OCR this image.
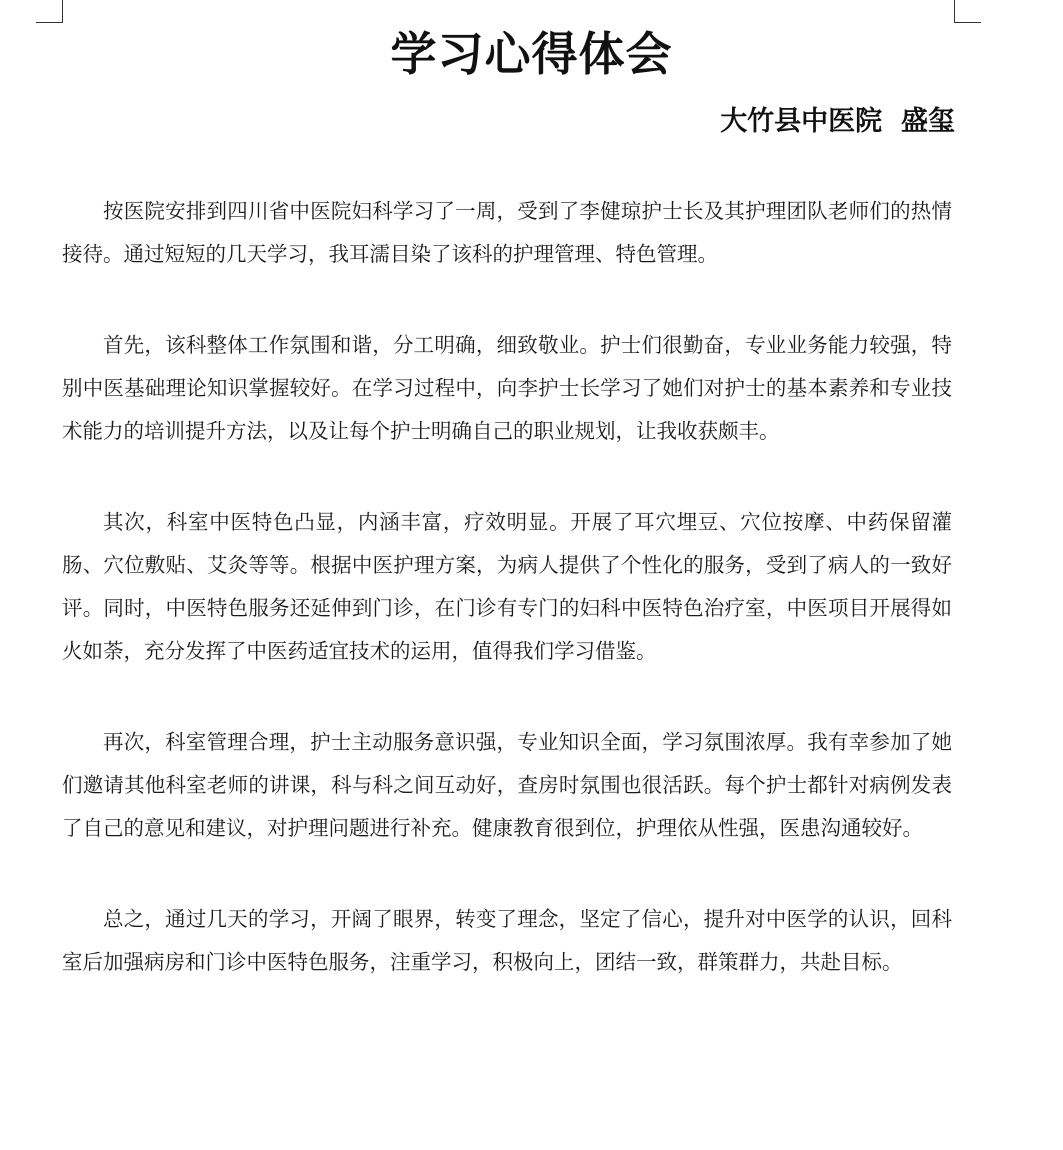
学习心得体会
大竹县中医院  盛玺

按医院安排到四川省中医院妇科学习了一周，受到了李健琼护士长及其护理团队老师们的热情接待。通过短短的几天学习，我耳濡目染了该科的护理管理、特色管理。

首先，该科整体工作氛围和谐，分工明确，细致敬业。护士们很勤奋，专业业务能力较强，特别中医基础理论知识掌握较好。在学习过程中，向李护士长学习了她们对护士的基本素养和专业技术能力的培训提升方法，以及让每个护士明确自己的职业规划，让我收获颇丰。

其次，科室中医特色凸显，内涵丰富，疗效明显。开展了耳穴埋豆、穴位按摩、中药保留灌肠、穴位敷贴、艾灸等等。根据中医护理方案，为病人提供了个性化的服务，受到了病人的一致好评。同时，中医特色服务还延伸到门诊，在门诊有专门的妇科中医特色治疗室，中医项目开展得如火如荼，充分发挥了中医药适宜技术的运用，值得我们学习借鉴。

再次，科室管理合理，护士主动服务意识强，专业知识全面，学习氛围浓厚。我有幸参加了她们邀请其他科室老师的讲课，科与科之间互动好，查房时氛围也很活跃。每个护士都针对病例发表了自己的意见和建议，对护理问题进行补充。健康教育很到位，护理依从性强，医患沟通较好。

总之，通过几天的学习，开阔了眼界，转变了理念，坚定了信心，提升对中医学的认识，回科室后加强病房和门诊中医特色服务，注重学习，积极向上，团结一致，群策群力，共赴目标。
